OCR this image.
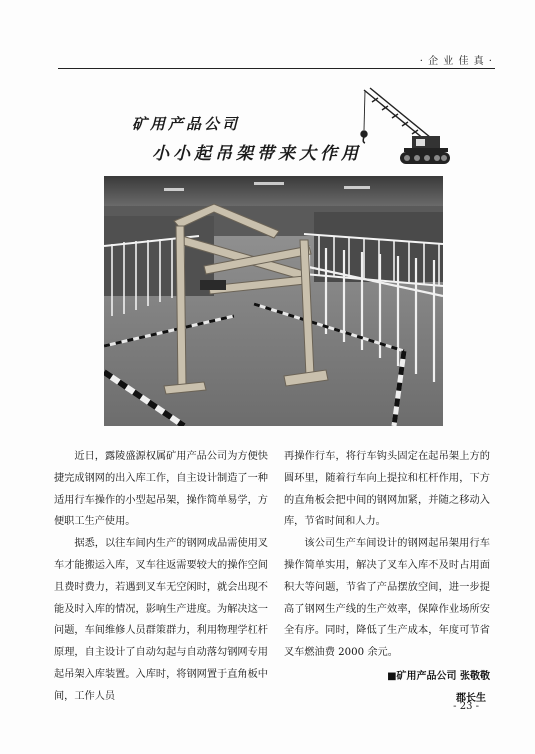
· 企 业 佳 真 ·
矿用产品公司
小小起吊架带来大作用

近日，露陵盛源权属矿用产品公司为方便快捷完成钢网的出入库工作，自主设计制造了一种适用行车操作的小型起吊架，操作简单易学，方便职工生产使用。

据悉，以往车间内生产的钢网成品需使用叉车才能搬运入库，叉车往返需要较大的操作空间且费时费力，若遇到叉车无空闲时，就会出现不能及时入库的情况，影响生产进度。为解决这一问题，车间维修人员群策群力，利用物理学杠杆原理，自主设计了自动勾起与自动落勾钢网专用起吊架入库装置。入库时，将钢网置于直角板中间，工作人员

再操作行车，将行车钩头固定在起吊架上方的圆环里，随着行车向上提拉和杠杆作用，下方的直角板会把中间的钢网加紧，并随之移动入库，节省时间和人力。

该公司生产车间设计的钢网起吊架用行车操作简单实用，解决了叉车入库不及时占用面积大等问题，节省了产品摆放空间，进一步提高了钢网生产线的生产效率，保障作业场所安全有序。同时，降低了生产成本，年度可节省叉车燃油费 2000 余元。

■矿用产品公司 张敬敬
郡长生
- 23 -
